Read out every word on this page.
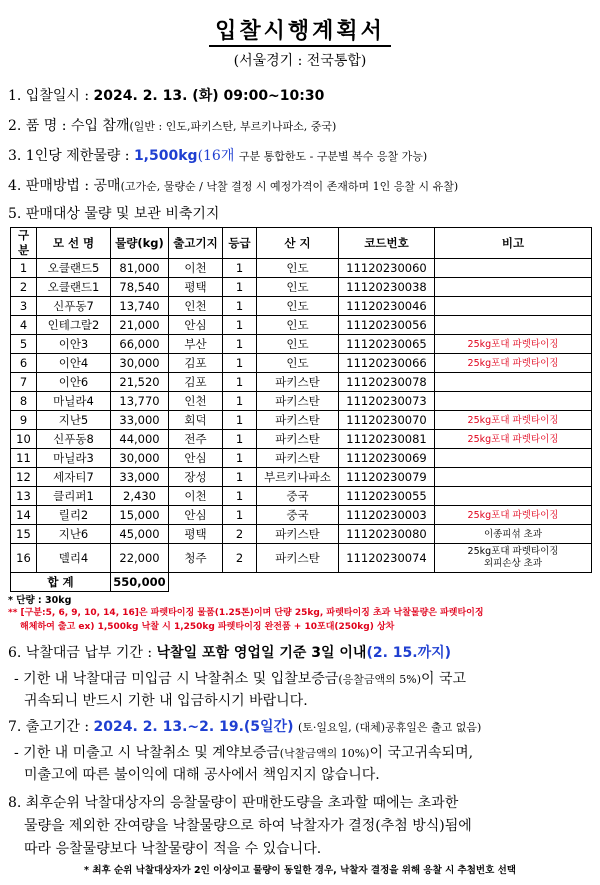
입찰시행계획서
(서울경기 : 전국통합)
1. 입찰일시 : 2024. 2. 13. (화) 09:00~10:30
2. 품 명 : 수입 참깨(일반 : 인도,파키스탄, 부르키나파소, 중국)
3. 1인당 제한물량 : 1,500kg(16개 구분 통합한도 - 구분별 복수 응찰 가능)
4. 판매방법 : 공매(고가순, 물량순 / 낙찰 결정 시 예정가격이 존재하며 1인 응찰 시 유찰)
5. 판매대상 물량 및 보관 비축기지
구분	모 선 명	물량(kg)	출고기지	등급	산 지	코드번호	비고
1	오클랜드5	81,000	이천	1	인도	11120230060	
2	오클랜드1	78,540	평택	1	인도	11120230038	
3	신푸동7	13,740	인천	1	인도	11120230046	
4	인테그랄2	21,000	안심	1	인도	11120230056	
5	이안3	66,000	부산	1	인도	11120230065	25kg포대 파렛타이징
6	이안4	30,000	김포	1	인도	11120230066	25kg포대 파렛타이징
7	이안6	21,520	김포	1	파키스탄	11120230078	
8	마닐라4	13,770	인천	1	파키스탄	11120230073	
9	지난5	33,000	회덕	1	파키스탄	11120230070	25kg포대 파렛타이징
10	신푸동8	44,000	전주	1	파키스탄	11120230081	25kg포대 파렛타이징
11	마닐라3	30,000	안심	1	파키스탄	11120230069	
12	세자티7	33,000	장성	1	부르키나파소	11120230079	
13	클리퍼1	2,430	이천	1	중국	11120230055	
14	릴리2	15,000	안심	1	중국	11120230003	25kg포대 파렛타이징
15	지난6	45,000	평택	2	파키스탄	11120230080	이종피섞 초과
16	델리4	22,000	청주	2	파키스탄	11120230074	25kg포대 파렛타이징
외피손상 초과
합 계		550,000					
* 단량 : 30kg
** [구분:5, 6, 9, 10, 14, 16]은 파렛타이징 물품(1.25톤)이며 단량 25kg, 파렛타이징 초과 낙찰물량은 파렛타이징
해체하여 출고 ex) 1,500kg 낙찰 시 1,250kg 파렛타이징 완전품 + 10포대(250kg) 상차
6. 낙찰대금 납부 기간 : 낙찰일 포함 영업일 기준 3일 이내(2. 15.까지)
- 기한 내 낙찰대금 미입금 시 낙찰취소 및 입찰보증금(응찰금액의 5%)이 국고
귀속되니 반드시 기한 내 입금하시기 바랍니다.
7. 출고기간 : 2024. 2. 13.~2. 19.(5일간) (토·일요일, (대체)공휴일은 출고 없음)
- 기한 내 미출고 시 낙찰취소 및 계약보증금(낙찰금액의 10%)이 국고귀속되며,
미출고에 따른 불이익에 대해 공사에서 책임지지 않습니다.
8. 최후순위 낙찰대상자의 응찰물량이 판매한도량을 초과할 때에는 초과한
물량을 제외한 잔여량을 낙찰물량으로 하여 낙찰자가 결정(추첨 방식)됨에
따라 응찰물량보다 낙찰물량이 적을 수 있습니다.
* 최후 순위 낙찰대상자가 2인 이상이고 물량이 동일한 경우, 낙찰자 결정을 위해 응찰 시 추첨번호 선택
